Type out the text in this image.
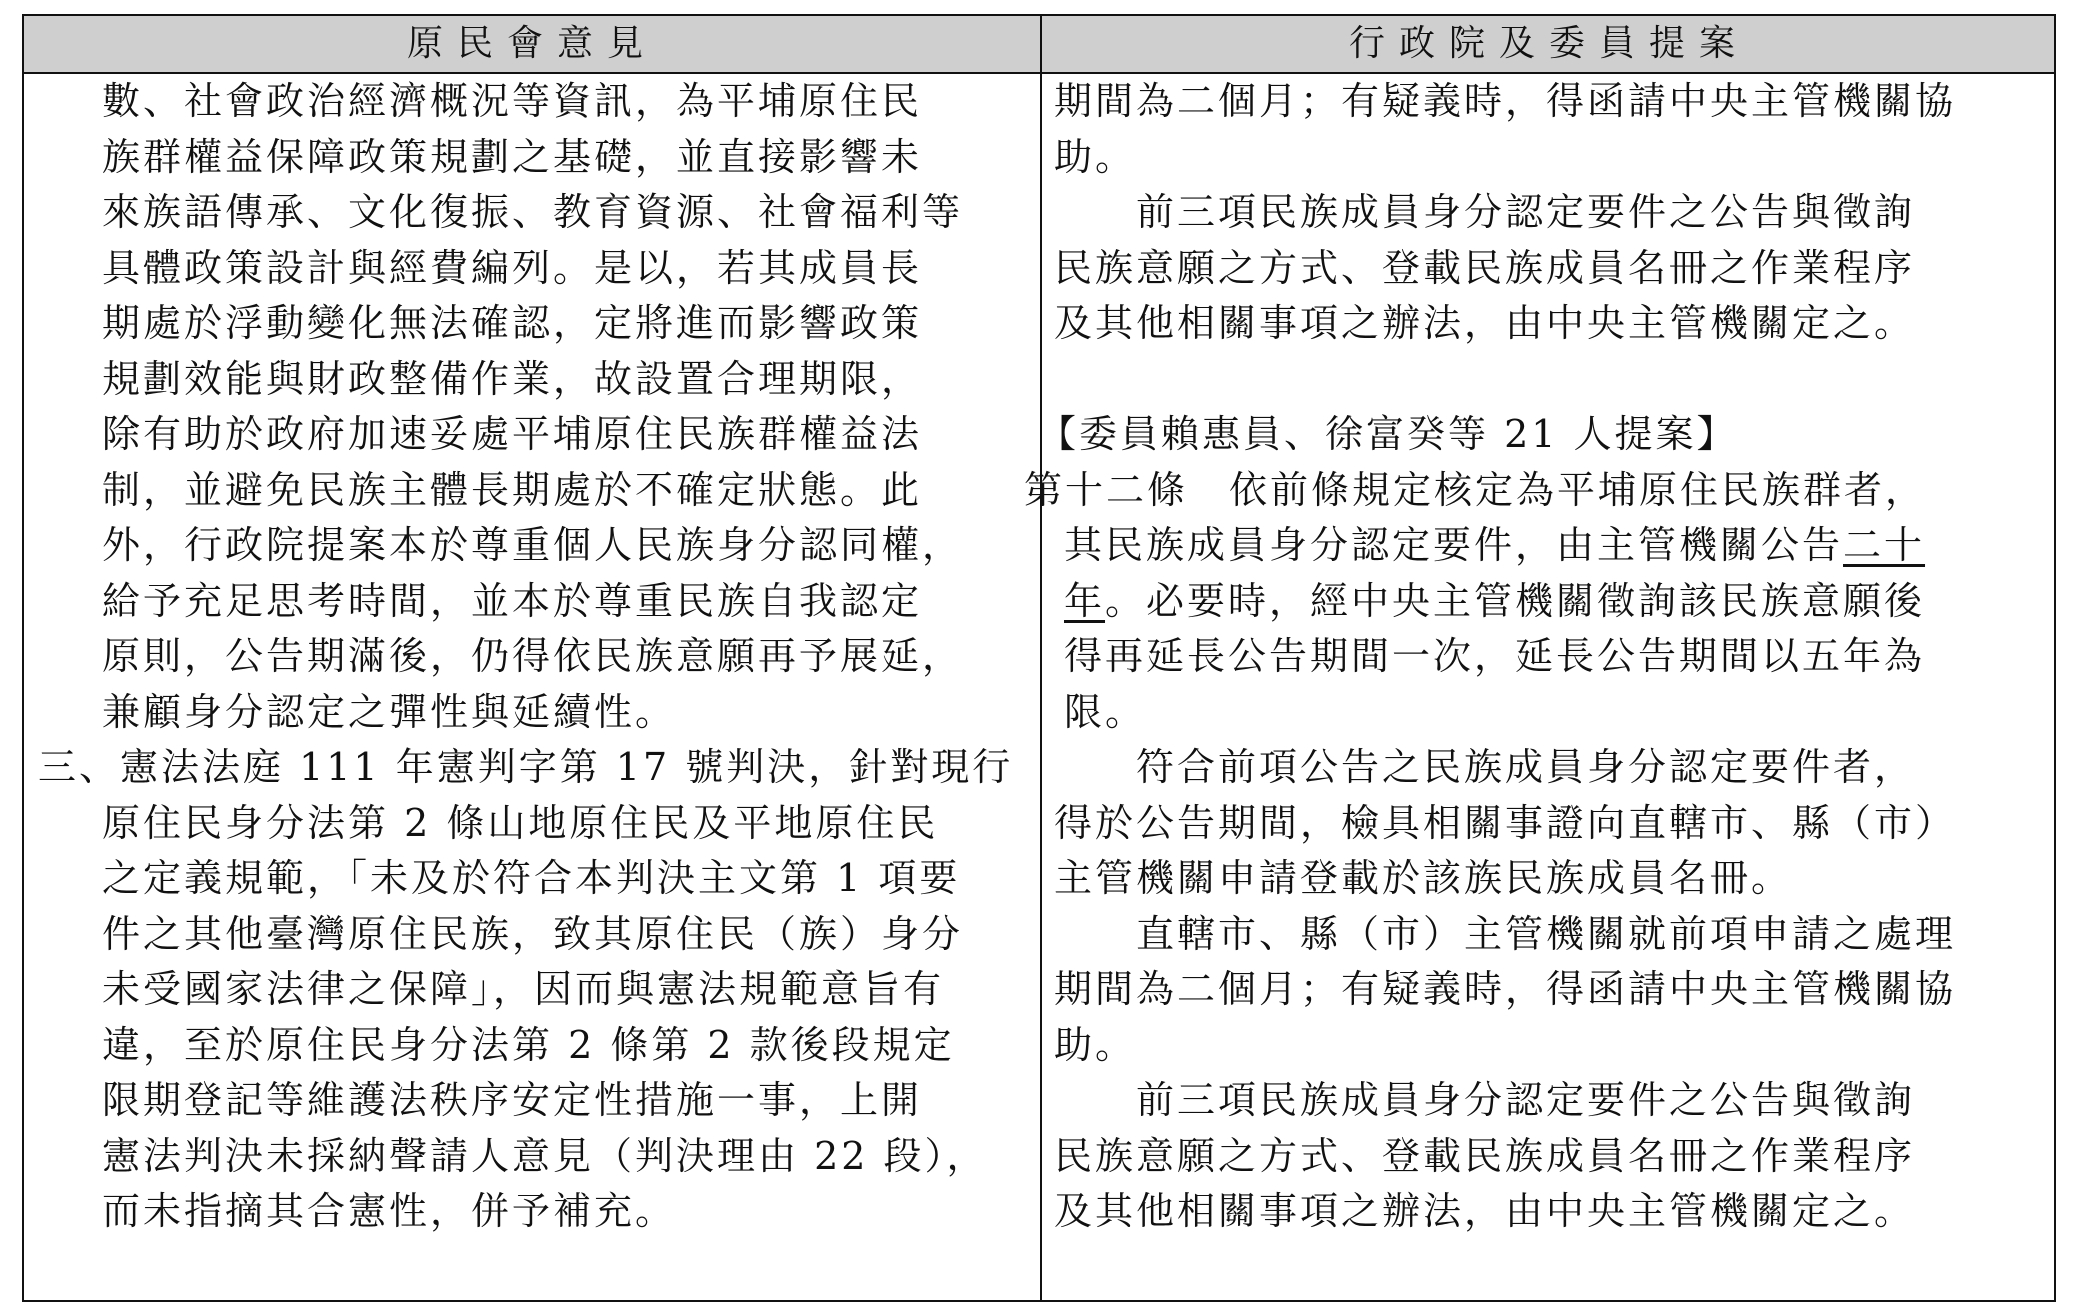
原民會意見	行政院及委員提案
數、社會政治經濟概況等資訊，為平埔原住民
族群權益保障政策規劃之基礎，並直接影響未
來族語傳承、文化復振、教育資源、社會福利等
具體政策設計與經費編列。是以，若其成員長
期處於浮動變化無法確認，定將進而影響政策
規劃效能與財政整備作業，故設置合理期限，
除有助於政府加速妥處平埔原住民族群權益法
制，並避免民族主體長期處於不確定狀態。此
外，行政院提案本於尊重個人民族身分認同權，
給予充足思考時間，並本於尊重民族自我認定
原則，公告期滿後，仍得依民族意願再予展延，
兼顧身分認定之彈性與延續性。
三、憲法法庭 111 年憲判字第 17 號判決，針對現行
原住民身分法第 2 條山地原住民及平地原住民
之定義規範，「未及於符合本判決主文第 1 項要
件之其他臺灣原住民族，致其原住民（族）身分
未受國家法律之保障」，因而與憲法規範意旨有
違，至於原住民身分法第 2 條第 2 款後段規定
限期登記等維護法秩序安定性措施一事，上開
憲法判決未採納聲請人意見（判決理由 22 段），
而未指摘其合憲性，併予補充。
期間為二個月；有疑義時，得函請中央主管機關協
助。
　　前三項民族成員身分認定要件之公告與徵詢
民族意願之方式、登載民族成員名冊之作業程序
及其他相關事項之辦法，由中央主管機關定之。
【委員賴惠員、徐富癸等 21 人提案】
第十二條　依前條規定核定為平埔原住民族群者，
其民族成員身分認定要件，由主管機關公告二十
年。必要時，經中央主管機關徵詢該民族意願後
得再延長公告期間一次，延長公告期間以五年為
限。
　　符合前項公告之民族成員身分認定要件者，
得於公告期間，檢具相關事證向直轄市、縣（市）
主管機關申請登載於該族民族成員名冊。
　　直轄市、縣（市）主管機關就前項申請之處理
期間為二個月；有疑義時，得函請中央主管機關協
助。
　　前三項民族成員身分認定要件之公告與徵詢
民族意願之方式、登載民族成員名冊之作業程序
及其他相關事項之辦法，由中央主管機關定之。
